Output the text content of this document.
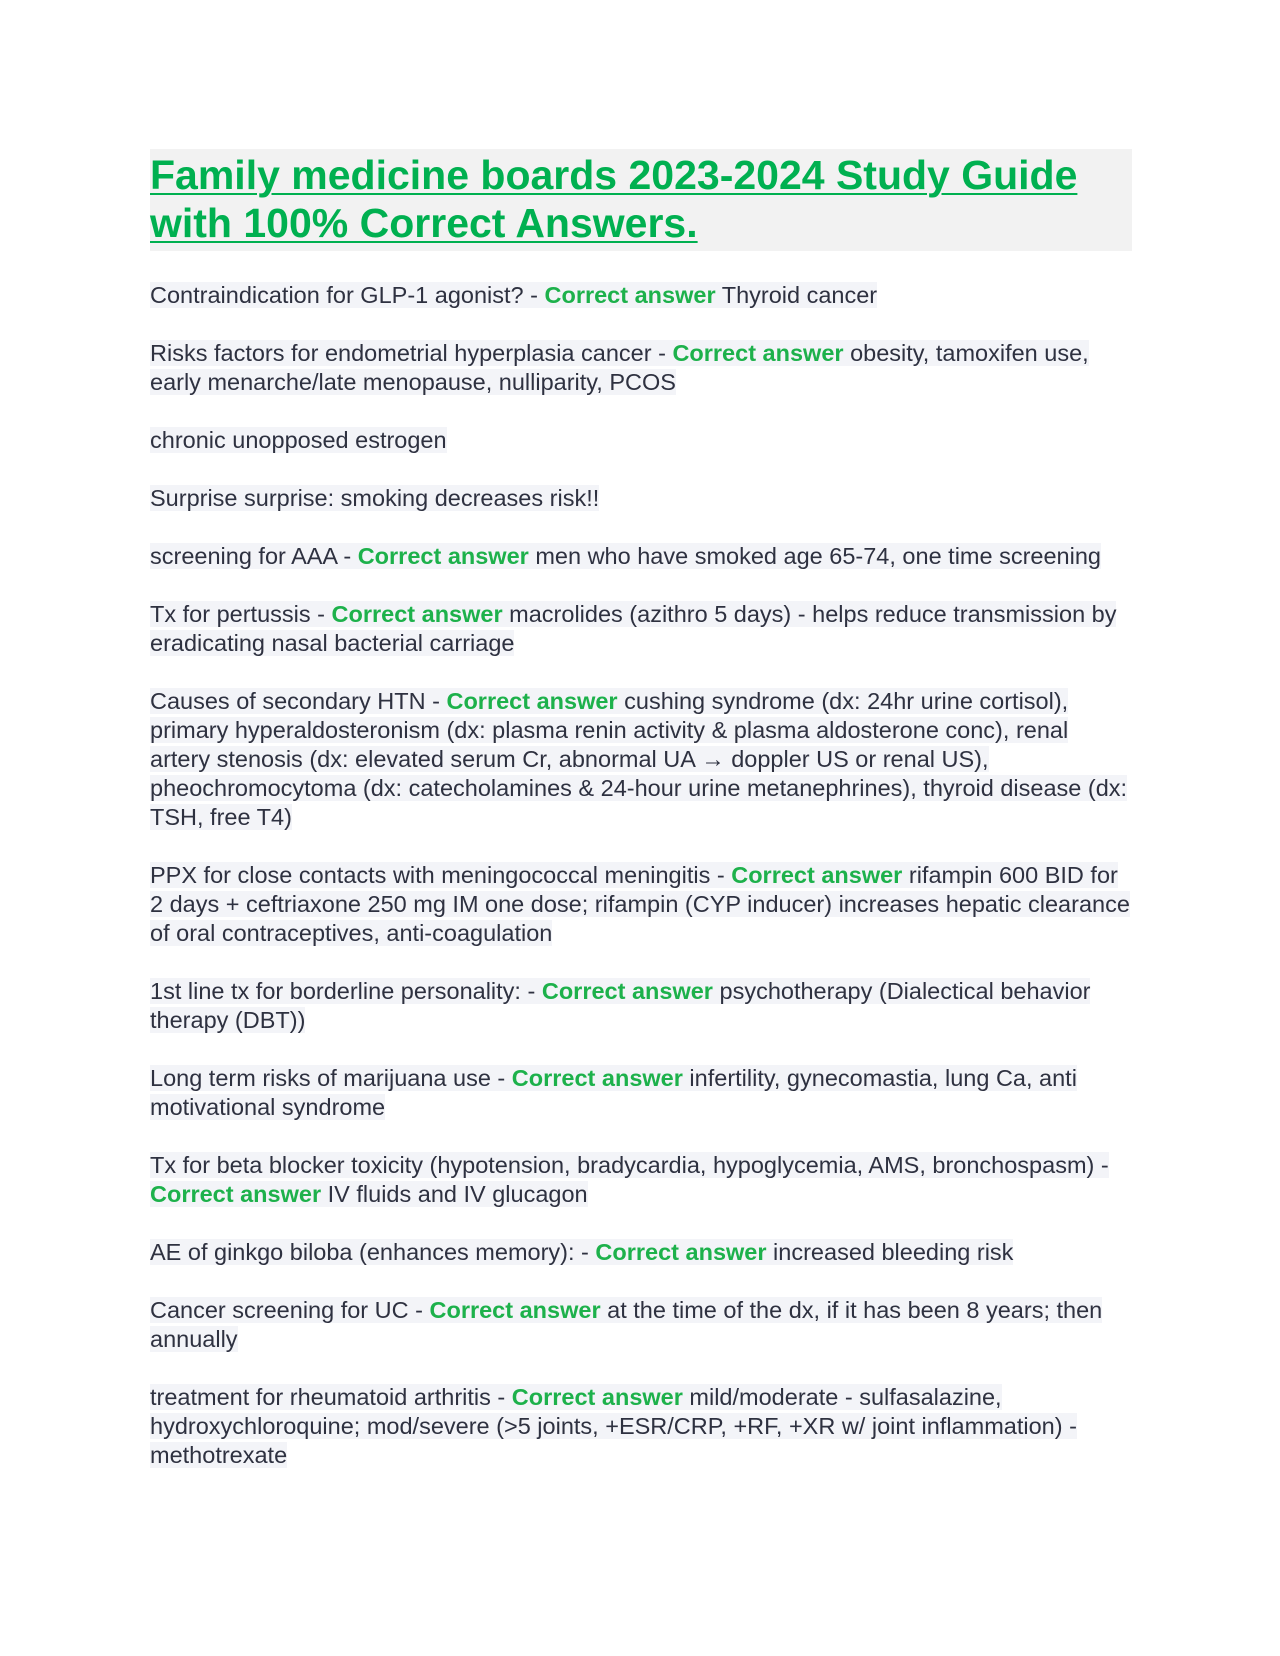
Family medicine boards 2023-2024 Study Guide with 100% Correct Answers.

Contraindication for GLP-1 agonist? - Correct answer Thyroid cancer

Risks factors for endometrial hyperplasia cancer - Correct answer obesity, tamoxifen use, early menarche/late menopause, nulliparity, PCOS

chronic unopposed estrogen

Surprise surprise: smoking decreases risk!!

screening for AAA - Correct answer men who have smoked age 65-74, one time screening

Tx for pertussis - Correct answer macrolides (azithro 5 days) - helps reduce transmission by eradicating nasal bacterial carriage

Causes of secondary HTN - Correct answer cushing syndrome (dx: 24hr urine cortisol), primary hyperaldosteronism (dx: plasma renin activity & plasma aldosterone conc), renal artery stenosis (dx: elevated serum Cr, abnormal UA → doppler US or renal US), pheochromocytoma (dx: catecholamines & 24-hour urine metanephrines), thyroid disease (dx: TSH, free T4)

PPX for close contacts with meningococcal meningitis - Correct answer rifampin 600 BID for 2 days + ceftriaxone 250 mg IM one dose; rifampin (CYP inducer) increases hepatic clearance of oral contraceptives, anti-coagulation

1st line tx for borderline personality: - Correct answer psychotherapy (Dialectical behavior therapy (DBT))

Long term risks of marijuana use - Correct answer infertility, gynecomastia, lung Ca, anti motivational syndrome

Tx for beta blocker toxicity (hypotension, bradycardia, hypoglycemia, AMS, bronchospasm) - Correct answer IV fluids and IV glucagon

AE of ginkgo biloba (enhances memory): - Correct answer increased bleeding risk

Cancer screening for UC - Correct answer at the time of the dx, if it has been 8 years; then annually

treatment for rheumatoid arthritis - Correct answer mild/moderate - sulfasalazine, hydroxychloroquine; mod/severe (>5 joints, +ESR/CRP, +RF, +XR w/ joint inflammation) - methotrexate
